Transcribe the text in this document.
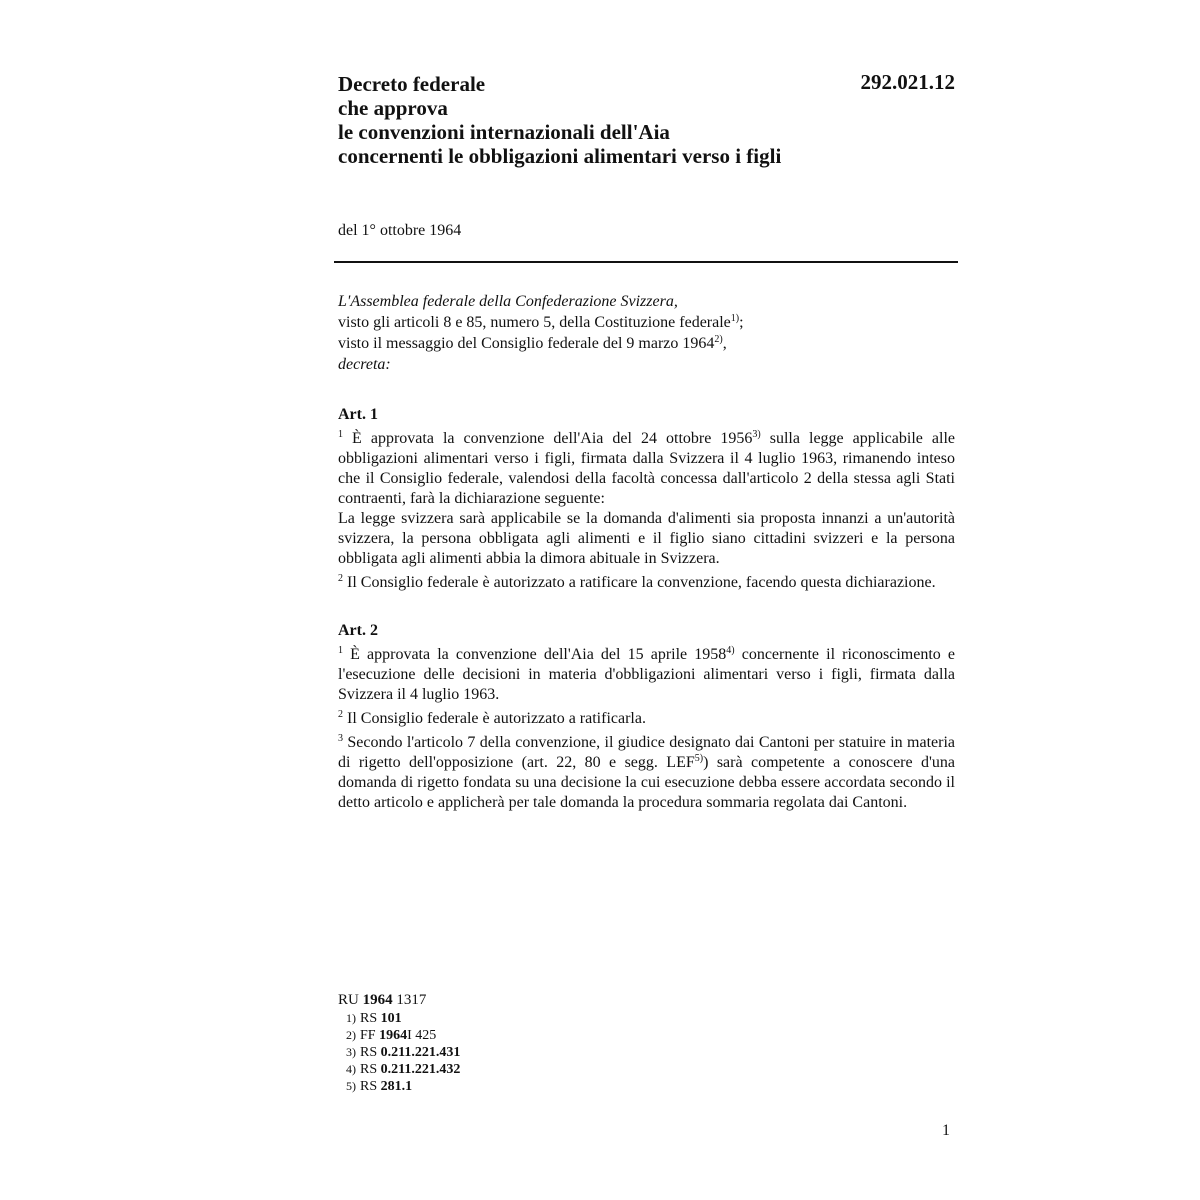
Decreto federale
che approva
le convenzioni internazionali dell'Aia
concernenti le obbligazioni alimentari verso i figli
292.021.12
del 1° ottobre 1964

L'Assemblea federale della Confederazione Svizzera,

visto gli articoli 8 e 85, numero 5, della Costituzione federale$^{1)}$;

visto il messaggio del Consiglio federale del 9 marzo 1964$^{2)}$,

decreta:

Art. 1

$^1$ È approvata la convenzione dell'Aia del 24 ottobre 1956$^{3)}$ sulla legge applicabile alle obbligazioni alimentari verso i figli, firmata dalla Svizzera il 4 luglio 1963, rimanendo inteso che il Consiglio federale, valendosi della facoltà concessa dall'articolo 2 della stessa agli Stati contraenti, farà la dichiarazione seguente:

La legge svizzera sarà applicabile se la domanda d'alimenti sia proposta innanzi a un'autorità svizzera, la persona obbligata agli alimenti e il figlio siano cittadini svizzeri e la persona obbligata agli alimenti abbia la dimora abituale in Svizzera.

$^2$ Il Consiglio federale è autorizzato a ratificare la convenzione, facendo questa dichiarazione.

Art. 2

$^1$ È approvata la convenzione dell'Aia del 15 aprile 1958$^{4)}$ concernente il riconoscimento e l'esecuzione delle decisioni in materia d'obbligazioni alimentari verso i figli, firmata dalla Svizzera il 4 luglio 1963.

$^2$ Il Consiglio federale è autorizzato a ratificarla.

$^3$ Secondo l'articolo 7 della convenzione, il giudice designato dai Cantoni per statuire in materia di rigetto dell'opposizione (art. 22, 80 e segg. LEF$^{5)}$) sarà competente a conoscere d'una domanda di rigetto fondata su una decisione la cui esecuzione debba essere accordata secondo il detto articolo e applicherà per tale domanda la procedura sommaria regolata dai Cantoni.

RU 1964 1317
1) RS
101
2) FF
1964 I 425
3) RS
0.211.221.431
4) RS
0.211.221.432
5) RS
281.1
1
